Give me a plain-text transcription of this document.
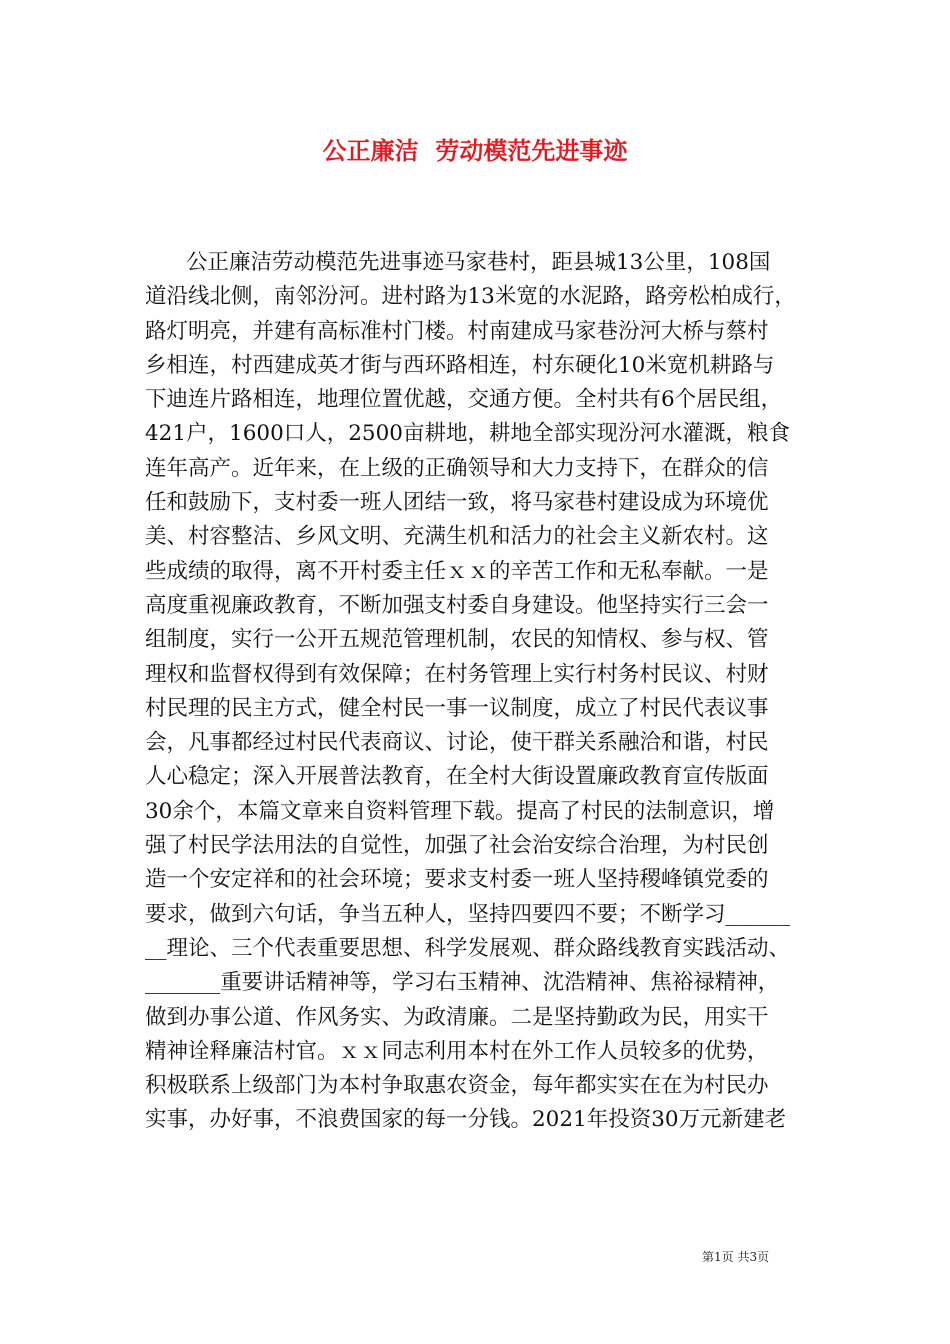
公正廉洁  劳动模范先进事迹
公正廉洁劳动模范先进事迹马家巷村，距县城13公里，108国
道沿线北侧，南邻汾河。进村路为13米宽的水泥路，路旁松柏成行，
路灯明亮，并建有高标准村门楼。村南建成马家巷汾河大桥与蔡村
乡相连，村西建成英才街与西环路相连，村东硬化10米宽机耕路与
下迪连片路相连，地理位置优越，交通方便。全村共有6个居民组，
421户，1600口人，2500亩耕地，耕地全部实现汾河水灌溉，粮食
连年高产。近年来，在上级的正确领导和大力支持下，在群众的信
任和鼓励下，支村委一班人团结一致，将马家巷村建设成为环境优
美、村容整洁、乡风文明、充满生机和活力的社会主义新农村。这
些成绩的取得，离不开村委主任ｘｘ的辛苦工作和无私奉献。一是
高度重视廉政教育，不断加强支村委自身建设。他坚持实行三会一
组制度，实行一公开五规范管理机制，农民的知情权、参与权、管
理权和监督权得到有效保障；在村务管理上实行村务村民议、村财
村民理的民主方式，健全村民一事一议制度，成立了村民代表议事
会，凡事都经过村民代表商议、讨论，使干群关系融洽和谐，村民
人心稳定；深入开展普法教育，在全村大街设置廉政教育宣传版面
30余个，本篇文章来自资料管理下载。提高了村民的法制意识，增
强了村民学法用法的自觉性，加强了社会治安综合治理，为村民创
造一个安定祥和的社会环境；要求支村委一班人坚持稷峰镇党委的
要求，做到六句话，争当五种人，坚持四要四不要；不断学习______
__理论、三个代表重要思想、科学发展观、群众路线教育实践活动、
_______重要讲话精神等，学习右玉精神、沈浩精神、焦裕禄精神，
做到办事公道、作风务实、为政清廉。二是坚持勤政为民，用实干
精神诠释廉洁村官。ｘｘ同志利用本村在外工作人员较多的优势，
积极联系上级部门为本村争取惠农资金，每年都实实在在为村民办
实事，办好事，不浪费国家的每一分钱。2021年投资30万元新建老
第1页 共3页
